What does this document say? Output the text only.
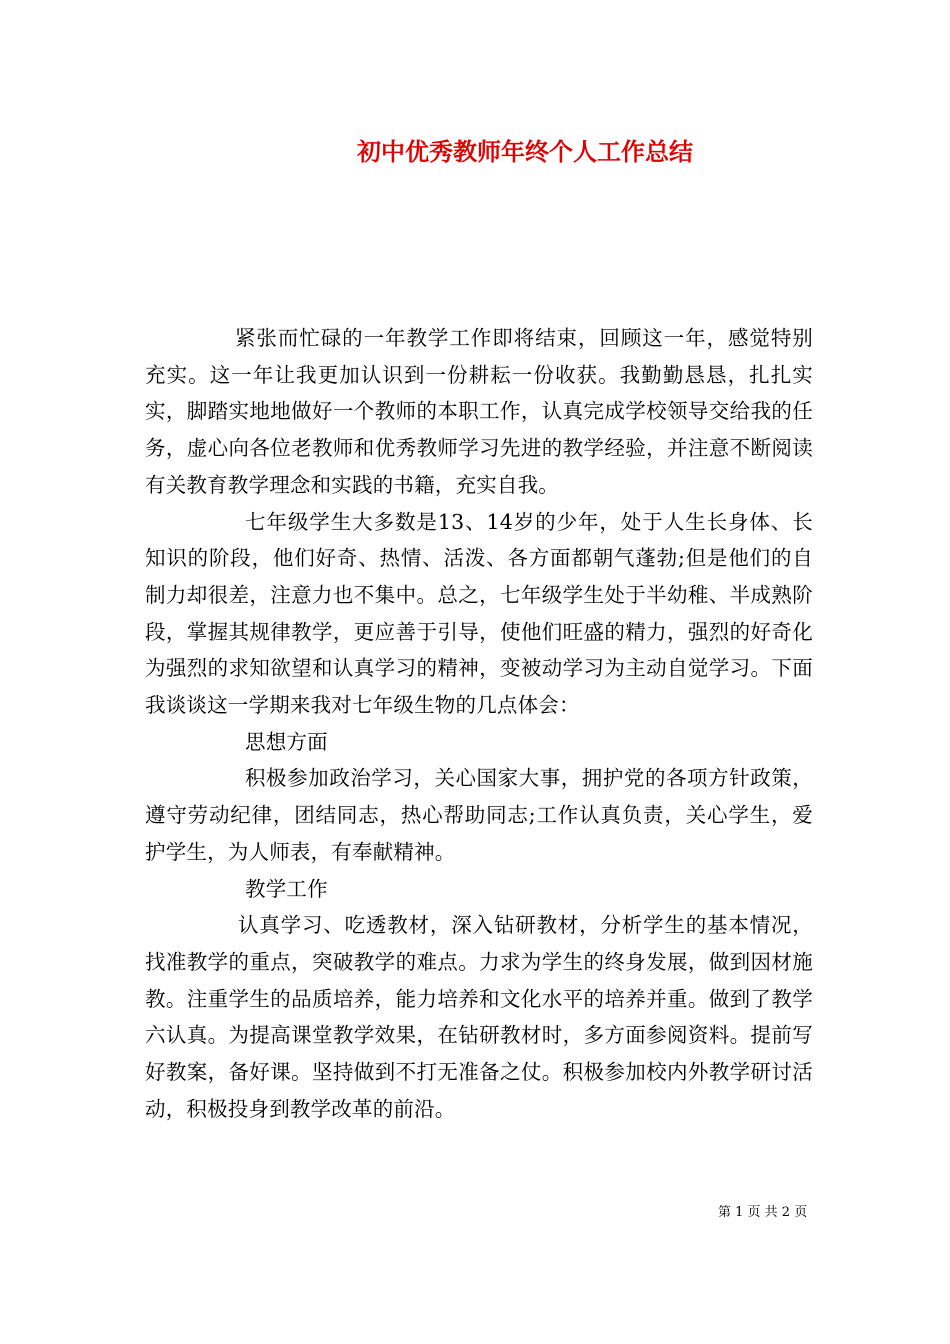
初中优秀教师年终个人工作总结

紧张而忙碌的一年教学工作即将结束，回顾这一年，感觉特别充实。这一年让我更加认识到一份耕耘一份收获。我勤勤恳恳，扎扎实实，脚踏实地地做好一个教师的本职工作，认真完成学校领导交给我的任务，虚心向各位老教师和优秀教师学习先进的教学经验，并注意不断阅读有关教育教学理念和实践的书籍，充实自我。

七年级学生大多数是13、14岁的少年，处于人生长身体、长知识的阶段，他们好奇、热情、活泼、各方面都朝气蓬勃;但是他们的自制力却很差，注意力也不集中。总之，七年级学生处于半幼稚、半成熟阶段，掌握其规律教学，更应善于引导，使他们旺盛的精力，强烈的好奇化为强烈的求知欲望和认真学习的精神，变被动学习为主动自觉学习。下面我谈谈这一学期来我对七年级生物的几点体会：

思想方面

积极参加政治学习，关心国家大事，拥护党的各项方针政策，遵守劳动纪律，团结同志，热心帮助同志;工作认真负责，关心学生，爱护学生，为人师表，有奉献精神。

教学工作

认真学习、吃透教材，深入钻研教材，分析学生的基本情况，找准教学的重点，突破教学的难点。力求为学生的终身发展，做到因材施教。注重学生的品质培养，能力培养和文化水平的培养并重。做到了教学六认真。为提高课堂教学效果，在钻研教材时，多方面参阅资料。提前写好教案，备好课。坚持做到不打无准备之仗。积极参加校内外教学研讨活动，积极投身到教学改革的前沿。

第 1 页 共 2 页
